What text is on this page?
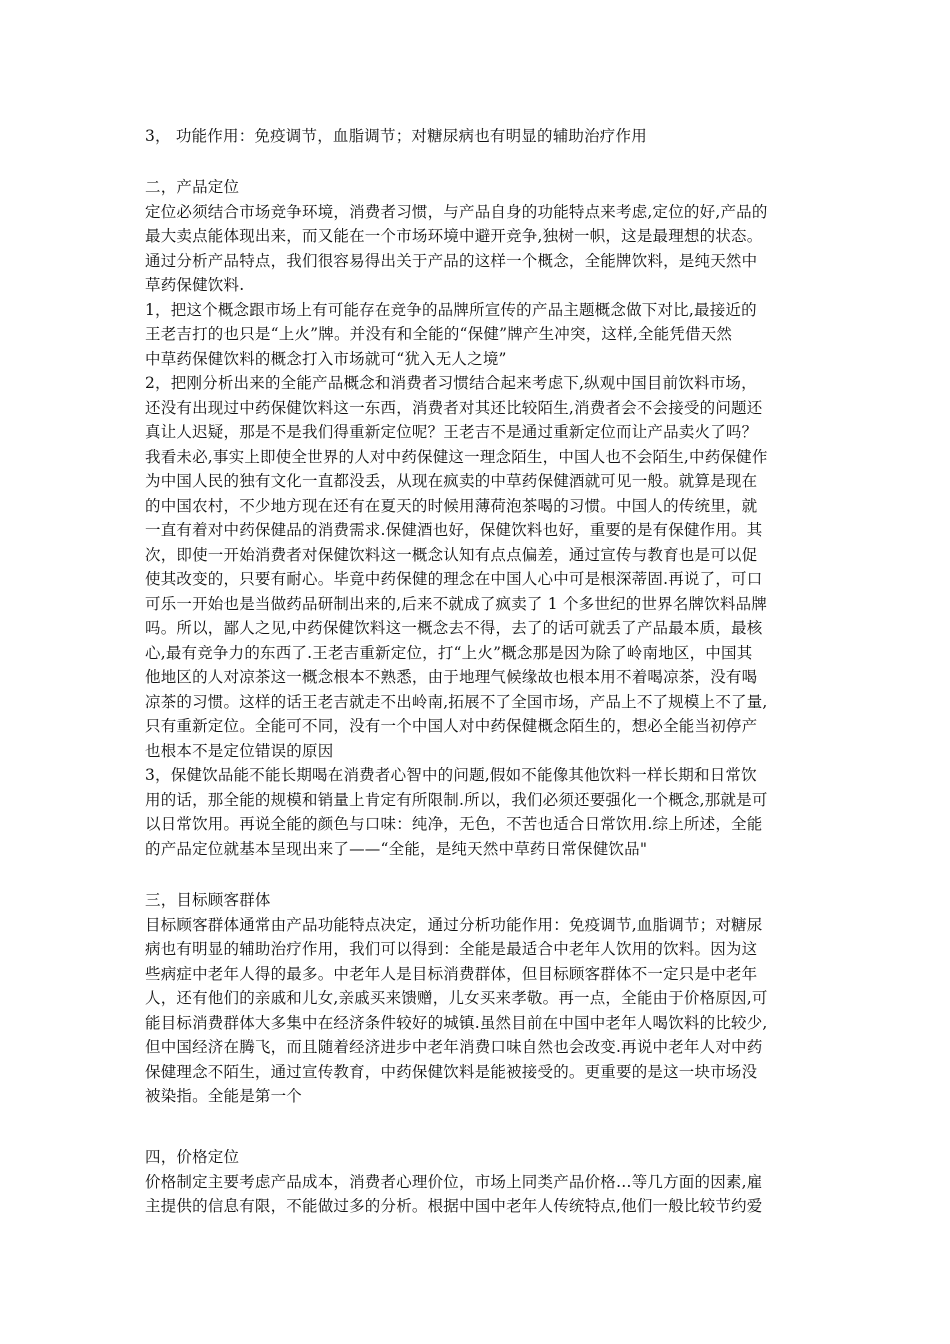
3， 功能作用：免疫调节，血脂调节；对糖尿病也有明显的辅助治疗作用
二，产品定位
定位必须结合市场竞争环境，消费者习惯，与产品自身的功能特点来考虑,定位的好,产品的
最大卖点能体现出来，而又能在一个市场环境中避开竞争,独树一帜，这是最理想的状态。
通过分析产品特点，我们很容易得出关于产品的这样一个概念，全能牌饮料，是纯天然中
草药保健饮料.
1，把这个概念跟市场上有可能存在竞争的品牌所宣传的产品主题概念做下对比,最接近的
王老吉打的也只是“上火”牌。并没有和全能的“保健”牌产生冲突，这样,全能凭借天然
中草药保健饮料的概念打入市场就可“犹入无人之境”
2，把刚分析出来的全能产品概念和消费者习惯结合起来考虑下,纵观中国目前饮料市场，
还没有出现过中药保健饮料这一东西，消费者对其还比较陌生,消费者会不会接受的问题还
真让人迟疑，那是不是我们得重新定位呢？王老吉不是通过重新定位而让产品卖火了吗？
我看未必,事实上即使全世界的人对中药保健这一理念陌生，中国人也不会陌生,中药保健作
为中国人民的独有文化一直都没丢，从现在疯卖的中草药保健酒就可见一般。就算是现在
的中国农村，不少地方现在还有在夏天的时候用薄荷泡茶喝的习惯。中国人的传统里，就
一直有着对中药保健品的消费需求.保健酒也好，保健饮料也好，重要的是有保健作用。其
次，即使一开始消费者对保健饮料这一概念认知有点点偏差，通过宣传与教育也是可以促
使其改变的，只要有耐心。毕竟中药保健的理念在中国人心中可是根深蒂固.再说了，可口
可乐一开始也是当做药品研制出来的,后来不就成了疯卖了 1 个多世纪的世界名牌饮料品牌
吗。所以，鄙人之见,中药保健饮料这一概念去不得，去了的话可就丢了产品最本质，最核
心,最有竞争力的东西了.王老吉重新定位，打“上火”概念那是因为除了岭南地区，中国其
他地区的人对凉茶这一概念根本不熟悉，由于地理气候缘故也根本用不着喝凉茶，没有喝
凉茶的习惯。这样的话王老吉就走不出岭南,拓展不了全国市场，产品上不了规模上不了量,
只有重新定位。全能可不同，没有一个中国人对中药保健概念陌生的，想必全能当初停产
也根本不是定位错误的原因
3，保健饮品能不能长期喝在消费者心智中的问题,假如不能像其他饮料一样长期和日常饮
用的话，那全能的规模和销量上肯定有所限制.所以，我们必须还要强化一个概念,那就是可
以日常饮用。再说全能的颜色与口味：纯净，无色，不苦也适合日常饮用.综上所述，全能
的产品定位就基本呈现出来了——“全能，是纯天然中草药日常保健饮品"
三，目标顾客群体
目标顾客群体通常由产品功能特点决定，通过分析功能作用：免疫调节,血脂调节；对糖尿
病也有明显的辅助治疗作用，我们可以得到：全能是最适合中老年人饮用的饮料。因为这
些病症中老年人得的最多。中老年人是目标消费群体，但目标顾客群体不一定只是中老年
人，还有他们的亲戚和儿女,亲戚买来馈赠，儿女买来孝敬。再一点，全能由于价格原因,可
能目标消费群体大多集中在经济条件较好的城镇.虽然目前在中国中老年人喝饮料的比较少,
但中国经济在腾飞，而且随着经济进步中老年消费口味自然也会改变.再说中老年人对中药
保健理念不陌生，通过宣传教育，中药保健饮料是能被接受的。更重要的是这一块市场没
被染指。全能是第一个
四，价格定位
价格制定主要考虑产品成本，消费者心理价位，市场上同类产品价格…等几方面的因素,雇
主提供的信息有限，不能做过多的分析。根据中国中老年人传统特点,他们一般比较节约爱
